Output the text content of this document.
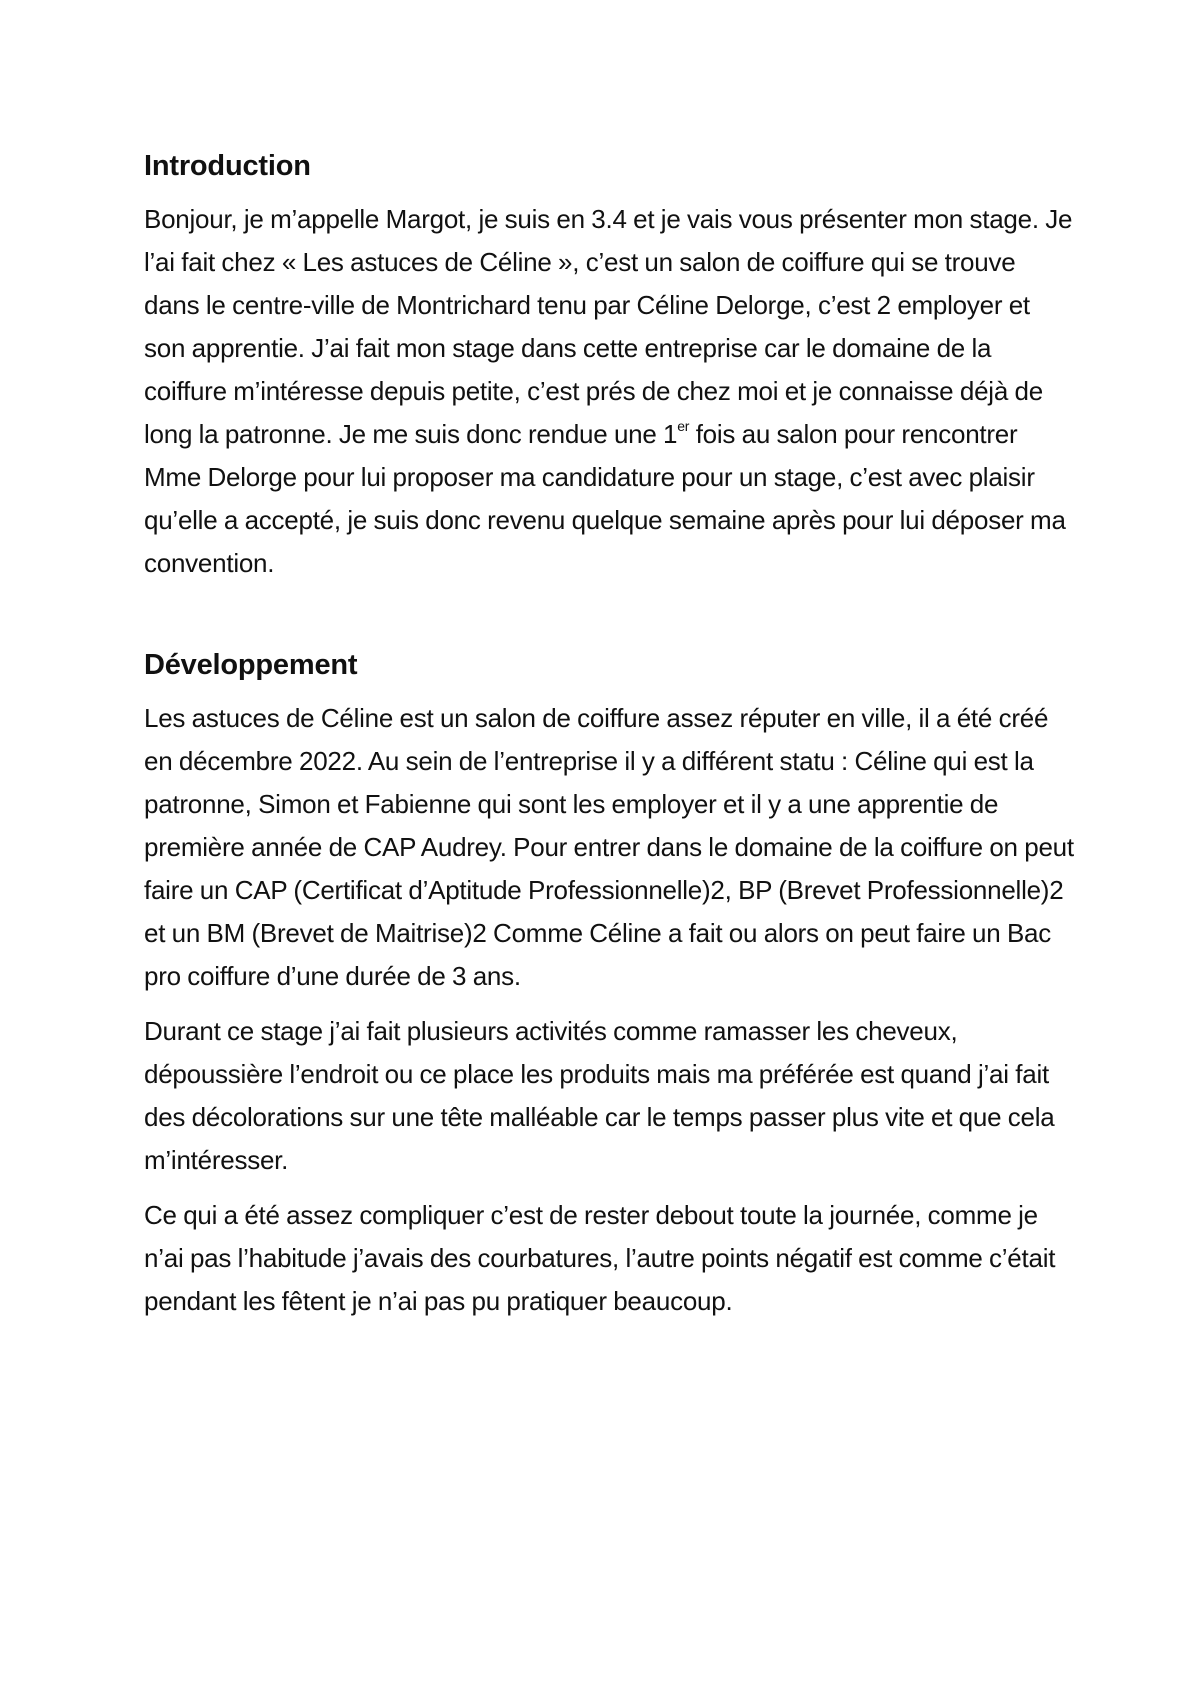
Introduction

Bonjour, je m’appelle Margot, je suis en 3.4 et je vais vous présenter mon stage. Je l’ai fait chez « Les astuces de Céline », c’est un salon de coiffure qui se trouve dans le centre-ville de Montrichard tenu par Céline Delorge, c’est 2 employer et son apprentie. J’ai fait mon stage dans cette entreprise car le domaine de la coiffure m’intéresse depuis petite, c’est prés de chez moi et je connaisse déjà de long la patronne. Je me suis donc rendue une 1er fois au salon pour rencontrer Mme Delorge pour lui proposer ma candidature pour un stage, c’est avec plaisir qu’elle a accepté, je suis donc revenu quelque semaine après pour lui déposer ma convention.

Développement

Les astuces de Céline est un salon de coiffure assez réputer en ville, il a été créé en décembre 2022. Au sein de l’entreprise il y a différent statu : Céline qui est la patronne, Simon et Fabienne qui sont les employer et il y a une apprentie de première année de CAP Audrey. Pour entrer dans le domaine de la coiffure on peut faire un CAP (Certificat d’Aptitude Professionnelle)2, BP (Brevet Professionnelle)2 et un BM (Brevet de Maitrise)2 Comme Céline a fait ou alors on peut faire un Bac pro coiffure d’une durée de 3 ans.

Durant ce stage j’ai fait plusieurs activités comme ramasser les cheveux, dépoussière l’endroit ou ce place les produits mais ma préférée est quand j’ai fait des décolorations sur une tête malléable car le temps passer plus vite et que cela m’intéresser.

Ce qui a été assez compliquer c’est de rester debout toute la journée, comme je n’ai pas l’habitude j’avais des courbatures, l’autre points négatif est comme c’était pendant les fêtent je n’ai pas pu pratiquer beaucoup.
